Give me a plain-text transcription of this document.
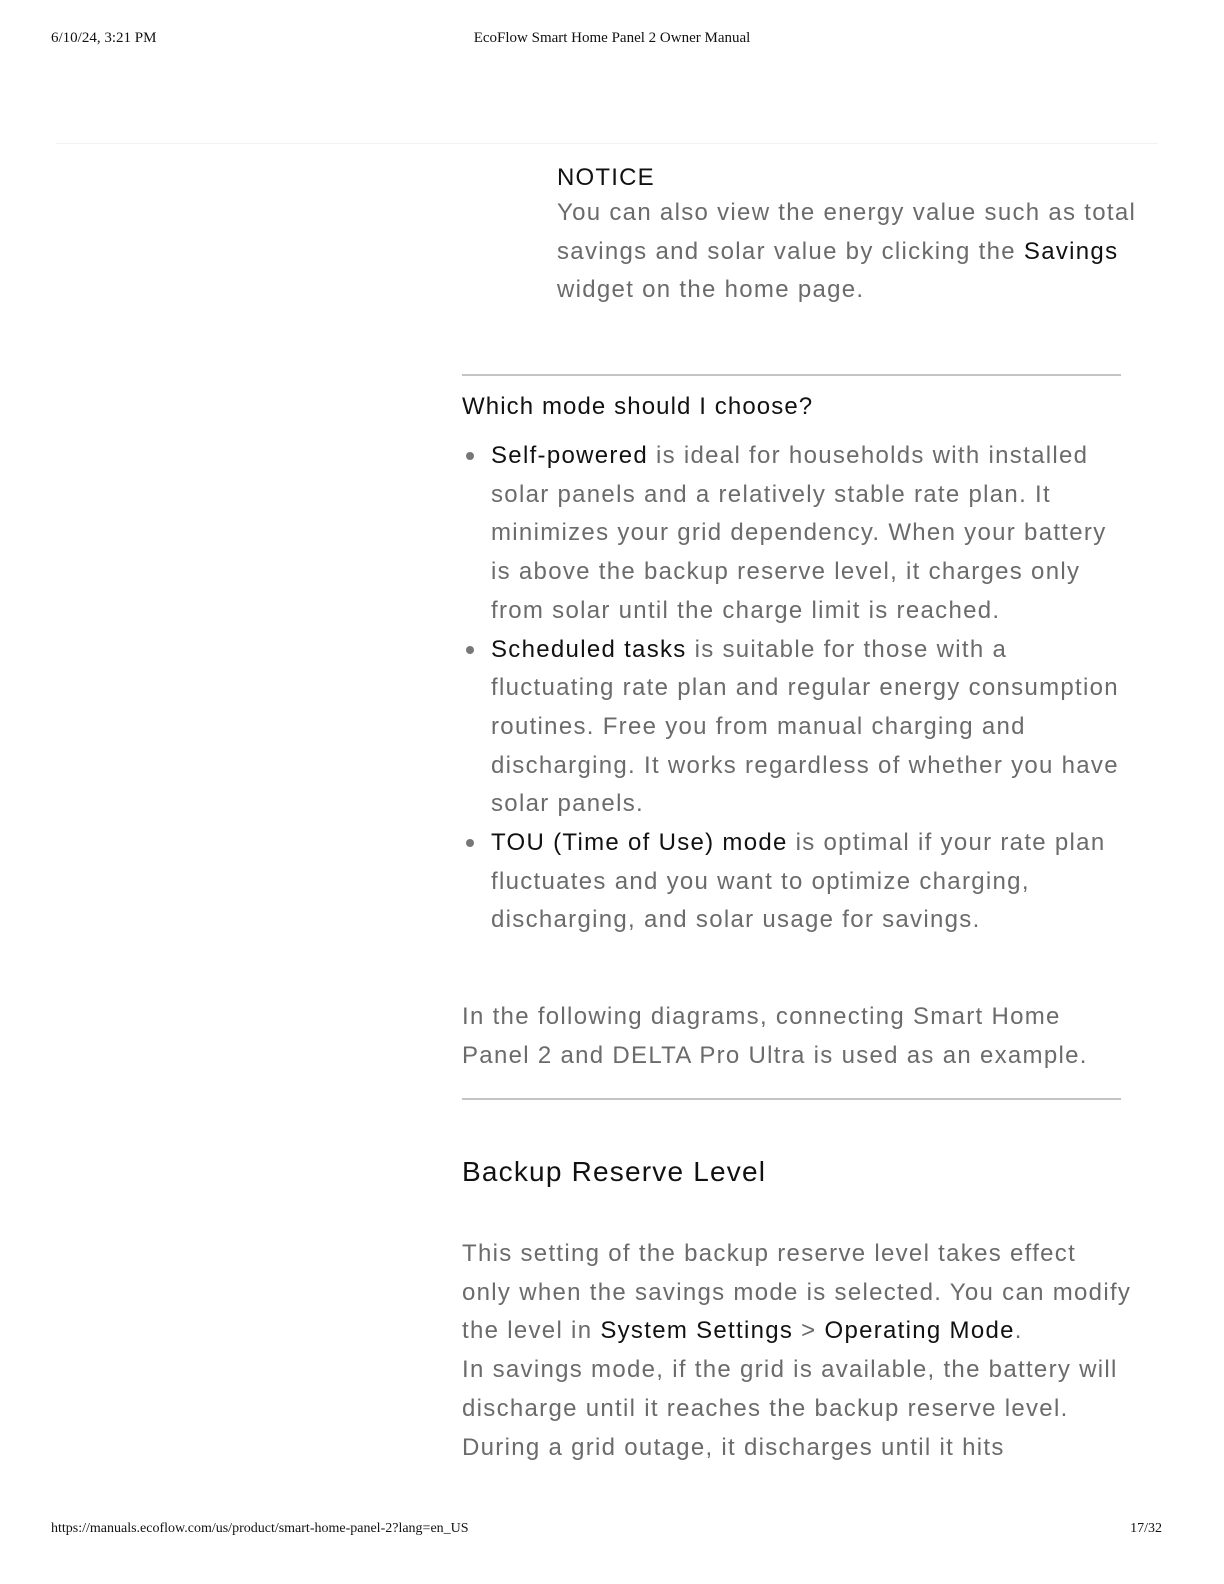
6/10/24, 3:21 PM	EcoFlow Smart Home Panel 2 Owner Manual
NOTICE
You can also view the energy value such as total savings and solar value by clicking the Savings widget on the home page.
Which mode should I choose?
Self-powered is ideal for households with installed solar panels and a relatively stable rate plan. It minimizes your grid dependency. When your battery is above the backup reserve level, it charges only from solar until the charge limit is reached.
Scheduled tasks is suitable for those with a fluctuating rate plan and regular energy consumption routines. Free you from manual charging and discharging. It works regardless of whether you have solar panels.
TOU (Time of Use) mode is optimal if your rate plan fluctuates and you want to optimize charging, discharging, and solar usage for savings.
In the following diagrams, connecting Smart Home Panel 2 and DELTA Pro Ultra is used as an example.
Backup Reserve Level

This setting of the backup reserve level takes effect only when the savings mode is selected. You can modify the level in System Settings > Operating Mode.

In savings mode, if the grid is available, the battery will discharge until it reaches the backup reserve level. During a grid outage, it discharges until it hits

https://manuals.ecoflow.com/us/product/smart-home-panel-2?lang=en_US	17/32
